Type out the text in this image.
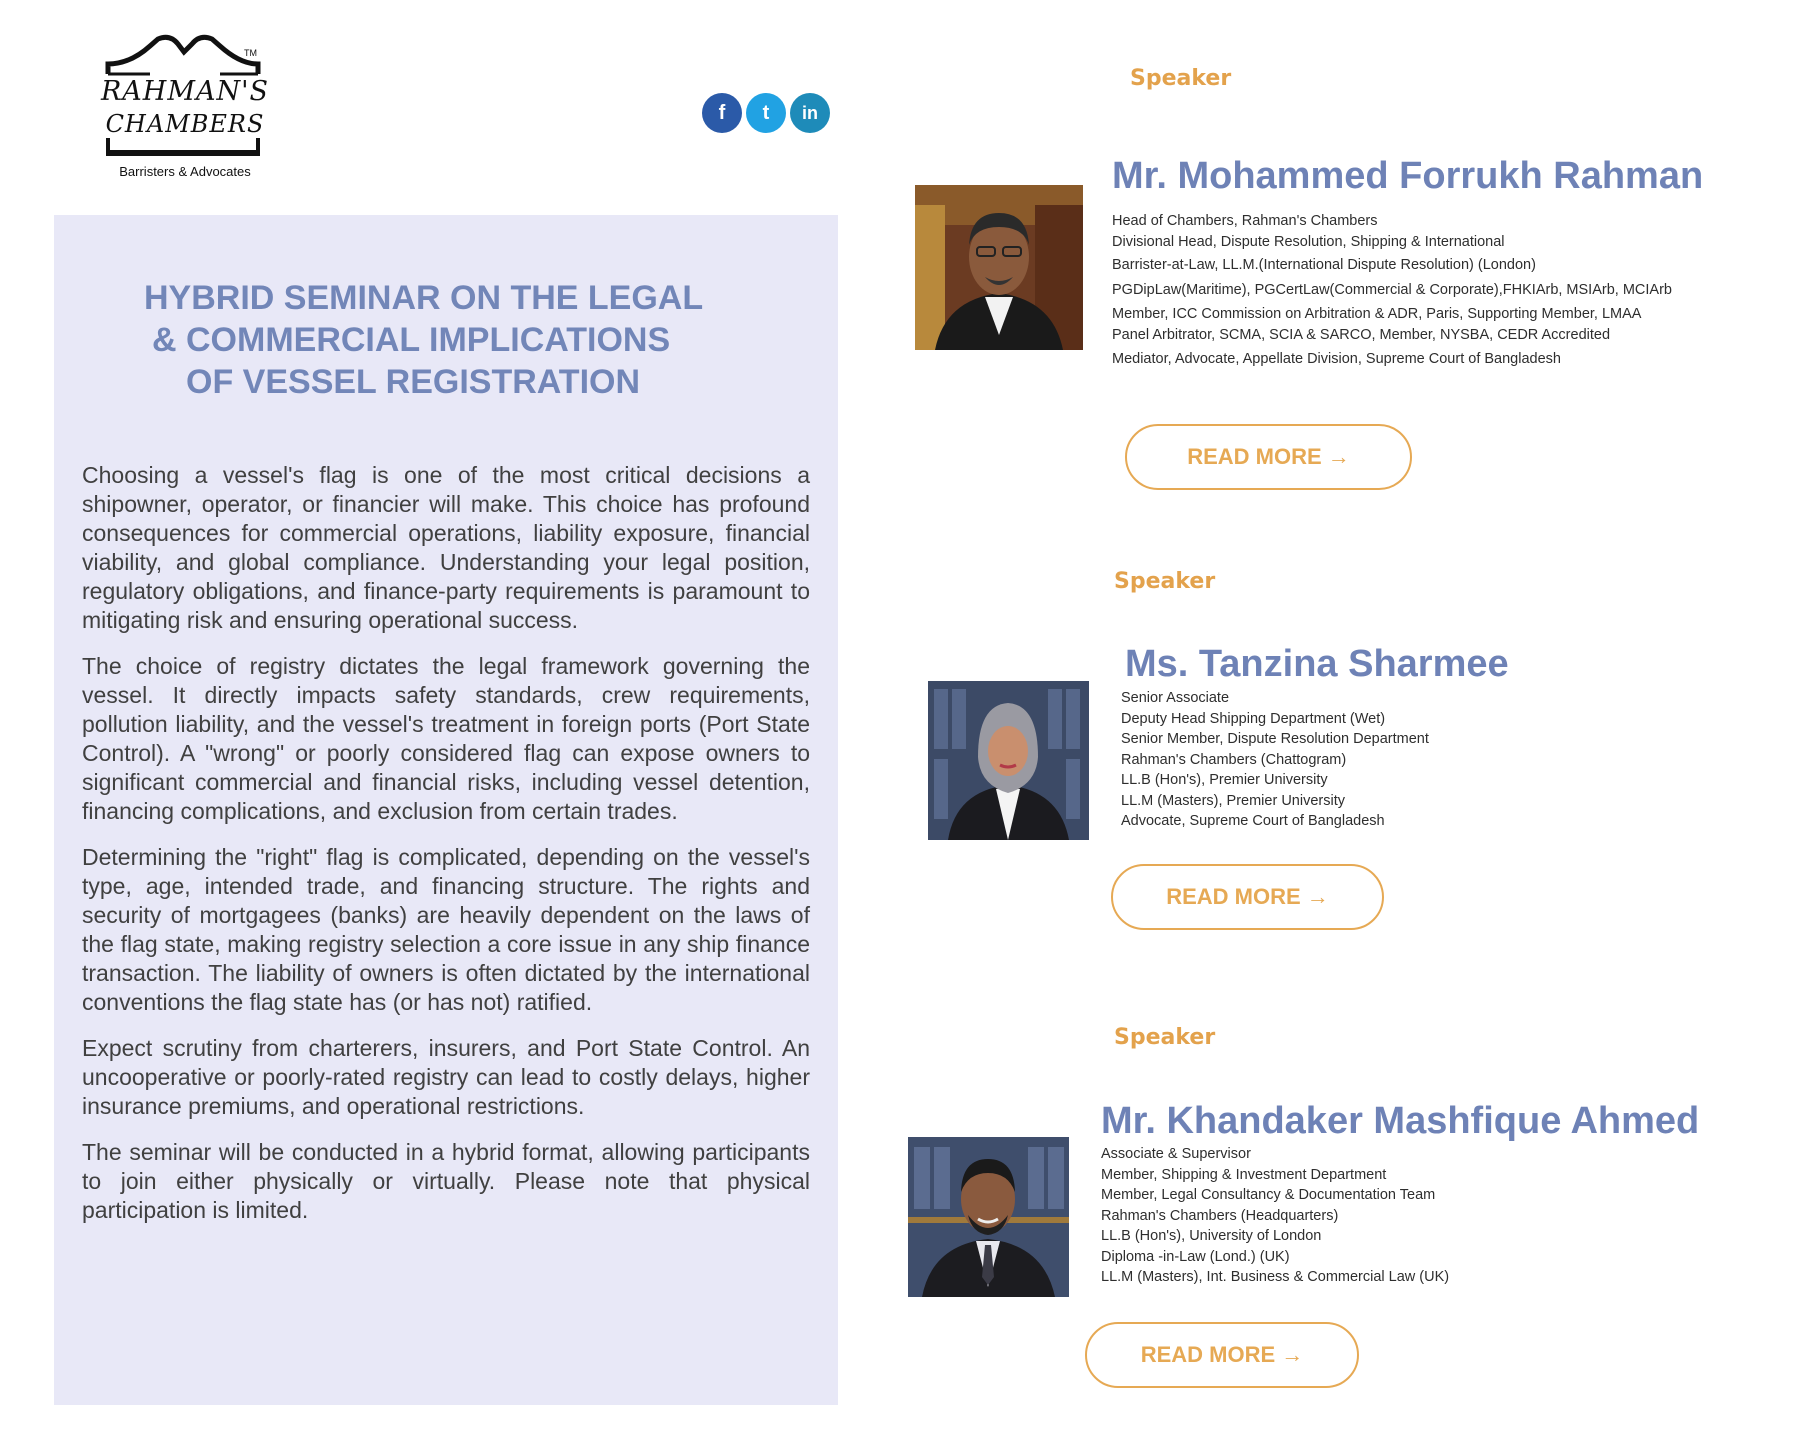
TM
RAHMAN'S
CHAMBERS
Barristers & Advocates
f	t	in
HYBRID SEMINAR ON THE LEGAL
& COMMERCIAL IMPLICATIONS
OF VESSEL REGISTRATION

Choosing a vessel's flag is one of the most critical decisions a shipowner, operator, or financier will make. This choice has profound consequences for commercial operations, liability exposure, financial viability, and global compliance. Understanding your legal position, regulatory obligations, and finance-party requirements is paramount to mitigating risk and ensuring operational success.

The choice of registry dictates the legal framework governing the vessel. It directly impacts safety standards, crew requirements, pollution liability, and the vessel's treatment in foreign ports (Port State Control). A "wrong" or poorly considered flag can expose owners to significant commercial and financial risks, including vessel detention, financing complications, and exclusion from certain trades.

Determining the "right" flag is complicated, depending on the vessel's type, age, intended trade, and financing structure. The rights and security of mortgagees (banks) are heavily dependent on the laws of the flag state, making registry selection a core issue in any ship finance transaction. The liability of owners is often dictated by the international conventions the flag state has (or has not) ratified.

Expect scrutiny from charterers, insurers, and Port State Control. An uncooperative or poorly-rated registry can lead to costly delays, higher insurance premiums, and operational restrictions.

The seminar will be conducted in a hybrid format, allowing participants to join either physically or virtually. Please note that physical participation is limited.

Speaker
Mr. Mohammed Forrukh Rahman
Head of Chambers, Rahman's Chambers
Divisional Head, Dispute Resolution, Shipping & International
Barrister-at-Law, LL.M.(International Dispute Resolution) (London)
PGDipLaw(Maritime), PGCertLaw(Commercial & Corporate),FHKIArb, MSIArb, MCIArb
Member, ICC Commission on Arbitration & ADR, Paris, Supporting Member, LMAA
Panel Arbitrator, SCMA, SCIA & SARCO, Member, NYSBA, CEDR Accredited
Mediator, Advocate, Appellate Division, Supreme Court of Bangladesh
READ MORE →
Speaker
Ms. Tanzina Sharmee
Senior Associate
Deputy Head Shipping Department (Wet)
Senior Member, Dispute Resolution Department
Rahman's Chambers (Chattogram)
LL.B (Hon's), Premier University
LL.M (Masters), Premier University
Advocate, Supreme Court of Bangladesh
READ MORE →
Speaker
Mr. Khandaker Mashfique Ahmed
Associate & Supervisor
Member, Shipping & Investment Department
Member, Legal Consultancy & Documentation Team
Rahman's Chambers (Headquarters)
LL.B (Hon's), University of London
Diploma -in-Law (Lond.) (UK)
LL.M (Masters), Int. Business & Commercial Law (UK)
READ MORE →
